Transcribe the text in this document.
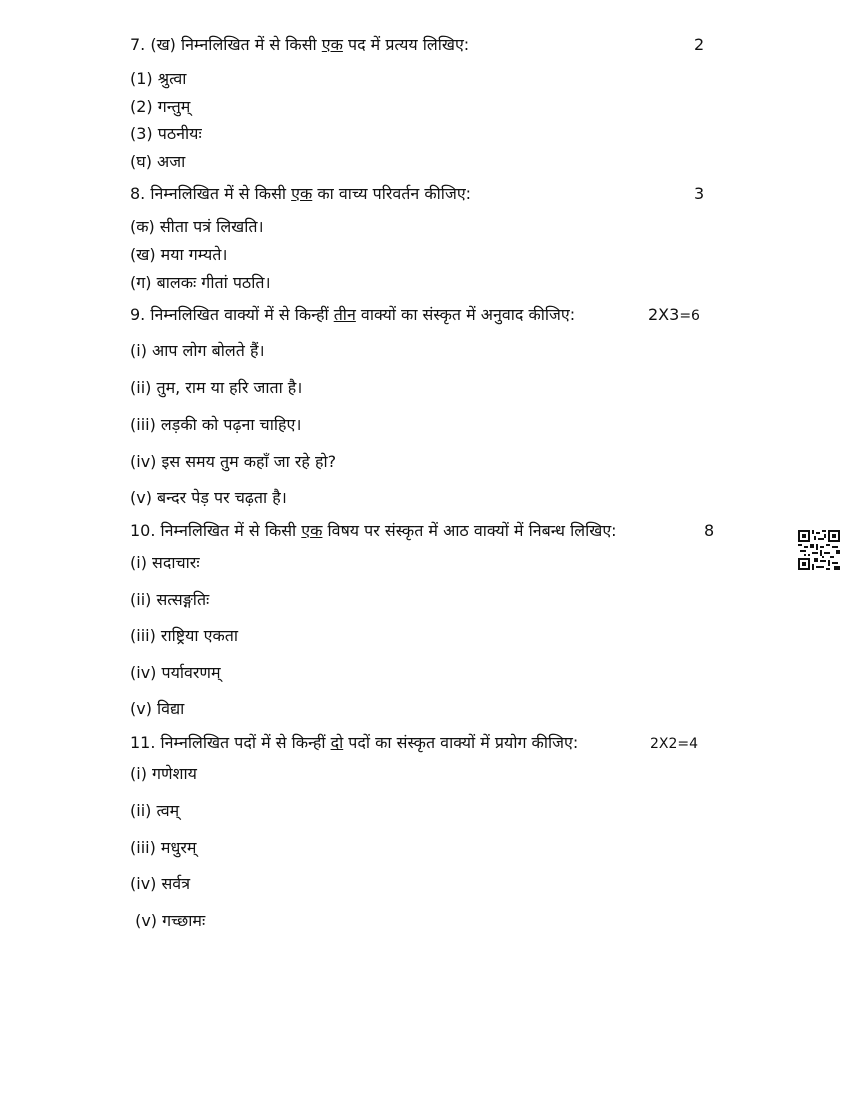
7. (ख) निम्नलिखित में से किसी एक पद में प्रत्यय लिखिए:	2
(1) श्रुत्वा
(2) गन्तुम्
(3) पठनीयः
(घ) अजा
8. निम्नलिखित में से किसी एक का वाच्य परिवर्तन कीजिए:	3
(क) सीता पत्रं लिखति।
(ख) मया गम्यते।
(ग) बालकः गीतां पठति।
9. निम्नलिखित वाक्यों में से किन्हीं तीन वाक्यों का संस्कृत में अनुवाद कीजिए:	2X3=6
(i) आप लोग बोलते हैं।
(ii) तुम, राम या हरि जाता है।
(iii) लड़की को पढ़ना चाहिए।
(iv) इस समय तुम कहाँ जा रहे हो?
(v) बन्दर पेड़ पर चढ़ता है।
10. निम्नलिखित में से किसी एक विषय पर संस्कृत में आठ वाक्यों में निबन्ध लिखिए:	8
(i) सदाचारः
(ii) सत्सङ्गतिः
(iii) राष्ट्रिया एकता
(iv) पर्यावरणम्
(v) विद्या
11. निम्नलिखित पदों में से किन्हीं दो पदों का संस्कृत वाक्यों में प्रयोग कीजिए:	2X2=4
(i) गणेशाय
(ii) त्वम्
(iii) मधुरम्
(iv) सर्वत्र
(v) गच्छामः
